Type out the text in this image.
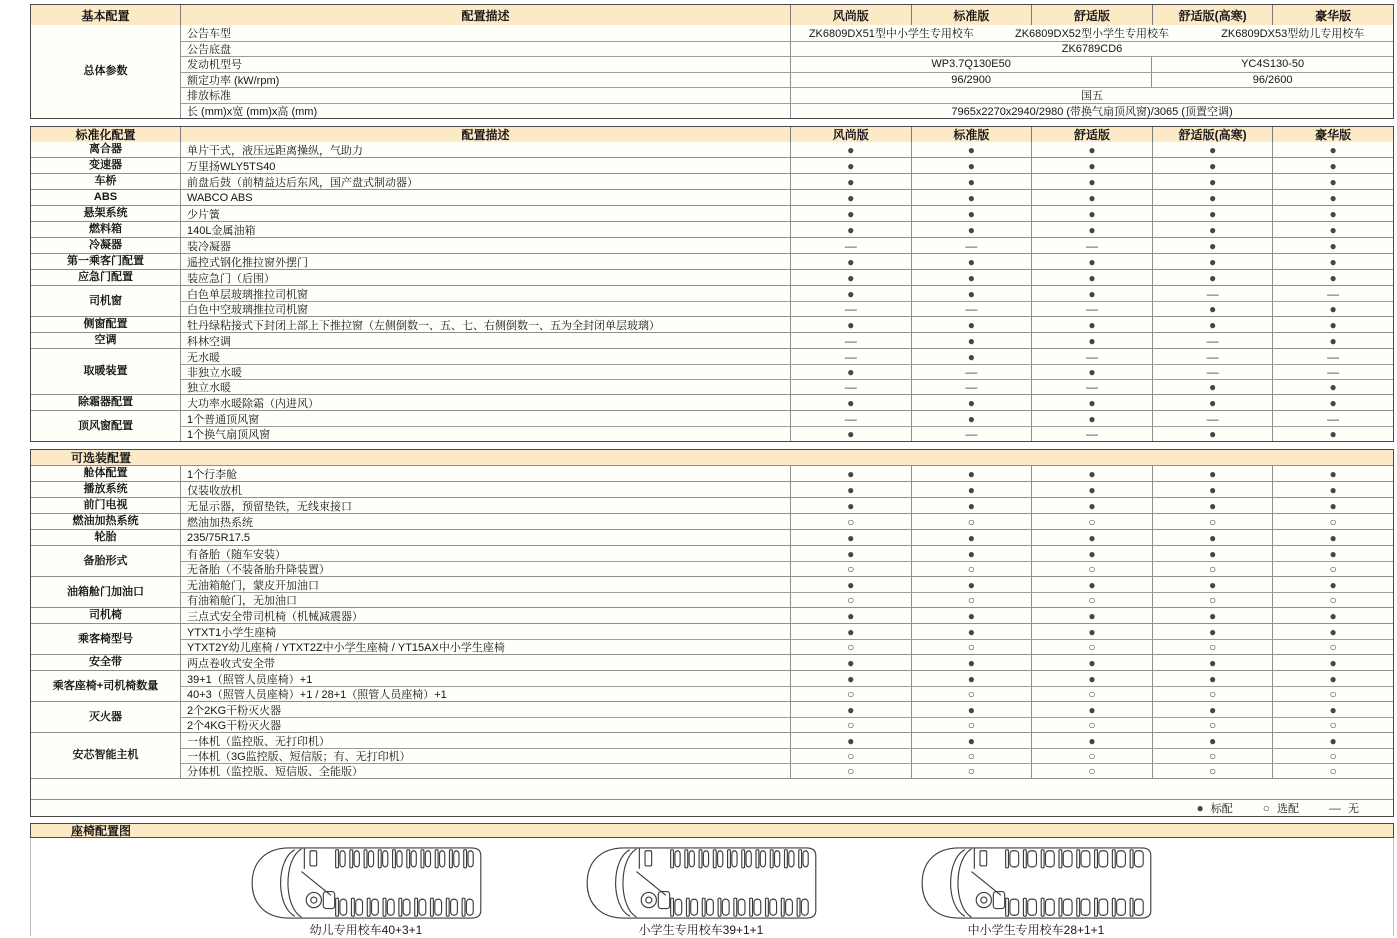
基本配置	配置描述	风尚版	标准版	舒适版	舒适版(高寒)	豪华版
总体参数
公告车型	ZK6809DX51型中小学生专用校车	ZK6809DX52型小学生专用校车	ZK6809DX53型幼儿专用校车
公告底盘	ZK6789CD6
发动机型号	WP3.7Q130E50	YC4S130-50
额定功率 (kW/rpm)	96/2900	96/2600
排放标准	国五
长 (mm)x宽 (mm)x高 (mm)	7965x2270x2940/2980 (带换气扇顶风窗)/3065 (顶置空调)
标准化配置	配置描述	风尚版	标准版	舒适版	舒适版(高寒)	豪华版
离合器	单片干式，液压远距离操纵，气助力	●	●	●	●	●
变速器	万里扬WLY5TS40	●	●	●	●	●
车桥	前盘后鼓（前精益达后东风，国产盘式制动器）	●	●	●	●	●
ABS	WABCO ABS	●	●	●	●	●
悬架系统	少片簧	●	●	●	●	●
燃料箱	140L金属油箱	●	●	●	●	●
冷凝器	装冷凝器	—	—	—	●	●
第一乘客门配置	遥控式钢化推拉窗外摆门	●	●	●	●	●
应急门配置	装应急门（后围）	●	●	●	●	●
司机窗
白色单层玻璃推拉司机窗	●	●	●	—	—
白色中空玻璃推拉司机窗	—	—	—	●	●
侧窗配置	牡丹绿粘接式下封闭上部上下推拉窗（左侧倒数一、五、七、右侧倒数一、五为全封闭单层玻璃）	●	●	●	●	●
空调	科林空调	—	●	●	—	●
取暖装置
无水暖	—	●	—	—	—
非独立水暖	●	—	●	—	—
独立水暖	—	—	—	●	●
除霜器配置	大功率水暖除霜（内进风）	●	●	●	●	●
顶风窗配置
1个普通顶风窗	—	●	●	—	—
1个换气扇顶风窗	●	—	—	●	●
可选装配置
舱体配置	1个行李舱	●	●	●	●	●
播放系统	仅装收放机	●	●	●	●	●
前门电视	无显示器，预留垫铁，无线束接口	●	●	●	●	●
燃油加热系统	燃油加热系统	○	○	○	○	○
轮胎	235/75R17.5	●	●	●	●	●
备胎形式
有备胎（随车安装）	●	●	●	●	●
无备胎（不装备胎升降装置）	○	○	○	○	○
油箱舱门加油口
无油箱舱门，蒙皮开加油口	●	●	●	●	●
有油箱舱门，无加油口	○	○	○	○	○
司机椅	三点式安全带司机椅（机械减震器）	●	●	●	●	●
乘客椅型号
YTXT1小学生座椅	●	●	●	●	●
YTXT2Y幼儿座椅 / YTXT2Z中小学生座椅 / YT15AX中小学生座椅	○	○	○	○	○
安全带	两点卷收式安全带	●	●	●	●	●
乘客座椅+司机椅数量
39+1（照管人员座椅）+1	●	●	●	●	●
40+3（照管人员座椅）+1 / 28+1（照管人员座椅）+1	○	○	○	○	○
灭火器
2个2KG干粉灭火器	●	●	●	●	●
2个4KG干粉灭火器	○	○	○	○	○
安芯智能主机
一体机（监控版、无打印机）	●	●	●	●	●
一体机（3G监控版、短信版；有、无打印机）	○	○	○	○	○
分体机（监控版、短信版、全能版）	○	○	○	○	○
● 标配	○ 选配	— 无
座椅配置图
幼儿专用校车40+3+1	小学生专用校车39+1+1	中小学生专用校车28+1+1
